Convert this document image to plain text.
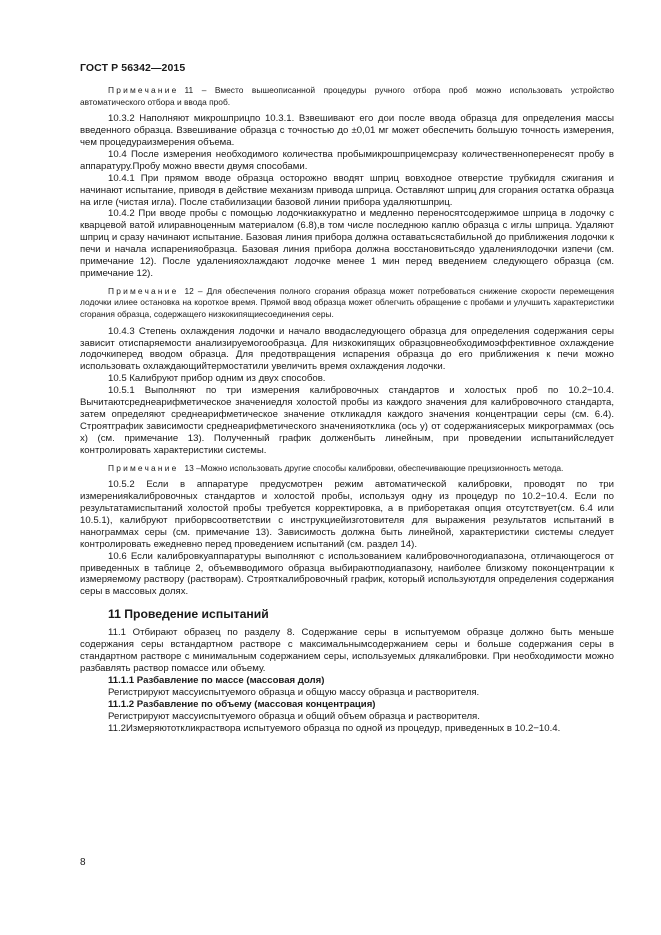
ГОСТ Р 56342—2015
Примечание 11 – Вместо вышеописанной процедуры ручного отбора проб можно использовать устройство автоматического отбора и ввода проб.

10.3.2 Наполняют микрошприцпо 10.3.1. Взвешивают его дои после ввода образца для определения массы введенного образца. Взвешивание образца с точностью до ±0,01 мг может обеспечить большую точность измерения, чем процедураизмерения объема.

10.4 После измерения необходимого количества пробымикрошприцемсразу количественноперенесят пробу в аппаратуру.Пробу можно ввести двумя способами.

10.4.1 При прямом вводе образца осторожно вводят шприц вовходное отверстие трубкидля сжигания и начинают испытание, приводя в действие механизм привода шприца. Оставляют шприц для сгорания остатка образца на игле (чистая игла). После стабилизации базовой линии прибора удаляютшприц.

10.4.2 При вводе пробы с помощью лодочкиаккуратно и медленно переносятсодержимое шприца в лодочку с кварцевой ватой илиравноценным материалом (6.8),в том числе последнюю каплю образца с иглы шприца. Удаляют шприц и сразу начинают испытание. Базовая линия прибора должна оставатьсястабильной до приближения лодочки к печи и начала испаренияобразца. Базовая линия прибора должна восстановитьсядо удалениялодочки изпечи (см. примечание 12). После удаленияохлаждают лодочке менее 1 мин перед введением следующего образца (см. примечание 12).

Примечание 12 – Для обеспечения полного сгорания образца может потребоваться снижение скорости перемещения лодочки илиее остановка на короткое время. Прямой ввод образца может облегчить обращение с пробами и улучшить характеристики сгорания образца, содержащего низкокипящиесоединения серы.

10.4.3 Степень охлаждения лодочки и начало вводаследующего образца для определения содержания серы зависит отиспаряемости анализируемогообразца. Для низкокипящих образцовнеобходимоэффективное охлаждение лодочкиперед вводом образца. Для предотвращения испарения образца до его приближения к печи можно использовать охлаждающийтермостатили увеличить время охлаждения лодочки.

10.5 Калибруют прибор одним из двух способов.

10.5.1 Выполняют по три измерения калибровочных стандартов и холостых проб по 10.2−10.4. Вычитаютсреднеарифметическое значениедля холостой пробы из каждого значения для калибровочного стандарта, затем определяют среднеарифметическое значение откликадля каждого значения концентрации серы (см. 6.4). Строятграфик зависимости среднеарифметического значенияотклика (ось y) от содержаниясерых микрограммах (ось x) (см. примечание 13). Полученный график долженбыть линейным, при проведении испытанийследует контролировать характеристики системы.

Примечание 13 –Можно использовать другие способы калибровки, обеспечивающие прецизионность метода.

10.5.2 Если в аппаратуре предусмотрен режим автоматической калибровки, проводят по три измеренияkалибровочных стандартов и холостой пробы, используя одну из процедур по 10.2−10.4. Если по результатамиспытаний холостой пробы требуется корректировка, а в приборетакая опция отсутствует(см. 6.4 или 10.5.1), калибруют приборвсоответствии с инструкциейизготовителя для выражения результатов испытаний в нанограммах серы (см. примечание 13). Зависимость должна быть линейной, характеристики системы следует контролировать ежедневно перед проведением испытаний (см. раздел 14).

10.6 Если калибровкуаппаратуры выполняют с использованием калибровочногодиапазона, отличающегося от приведенных в таблице 2, объемвводимого образца выбираютподиапазону, наиболее близкому поконцентрации к измеряемому раствору (растворам). Строяткалибровочный график, который используютдля определения содержания серы в массовых долях.

11 Проведение испытаний

11.1 Отбирают образец по разделу 8. Содержание серы в испытуемом образце должно быть меньше содержания серы встандартном растворе с максимальнымсодержанием серы и больше содержания серы в стандартном растворе с минимальным содержанием серы, используемых длякалибровки. При необходимости можно разбавлять раствор помассе или объему.

11.1.1 Разбавление по массе (массовая доля)

Регистрируют массуиспытуемого образца и общую массу образца и растворителя.

11.1.2 Разбавление по объему (массовая концентрация)

Регистрируют массуиспытуемого образца и общий объем образца и растворителя.

11.2Измеряютоткликраствора испытуемого образца по одной из процедур, приведенных в 10.2−10.4.

8
